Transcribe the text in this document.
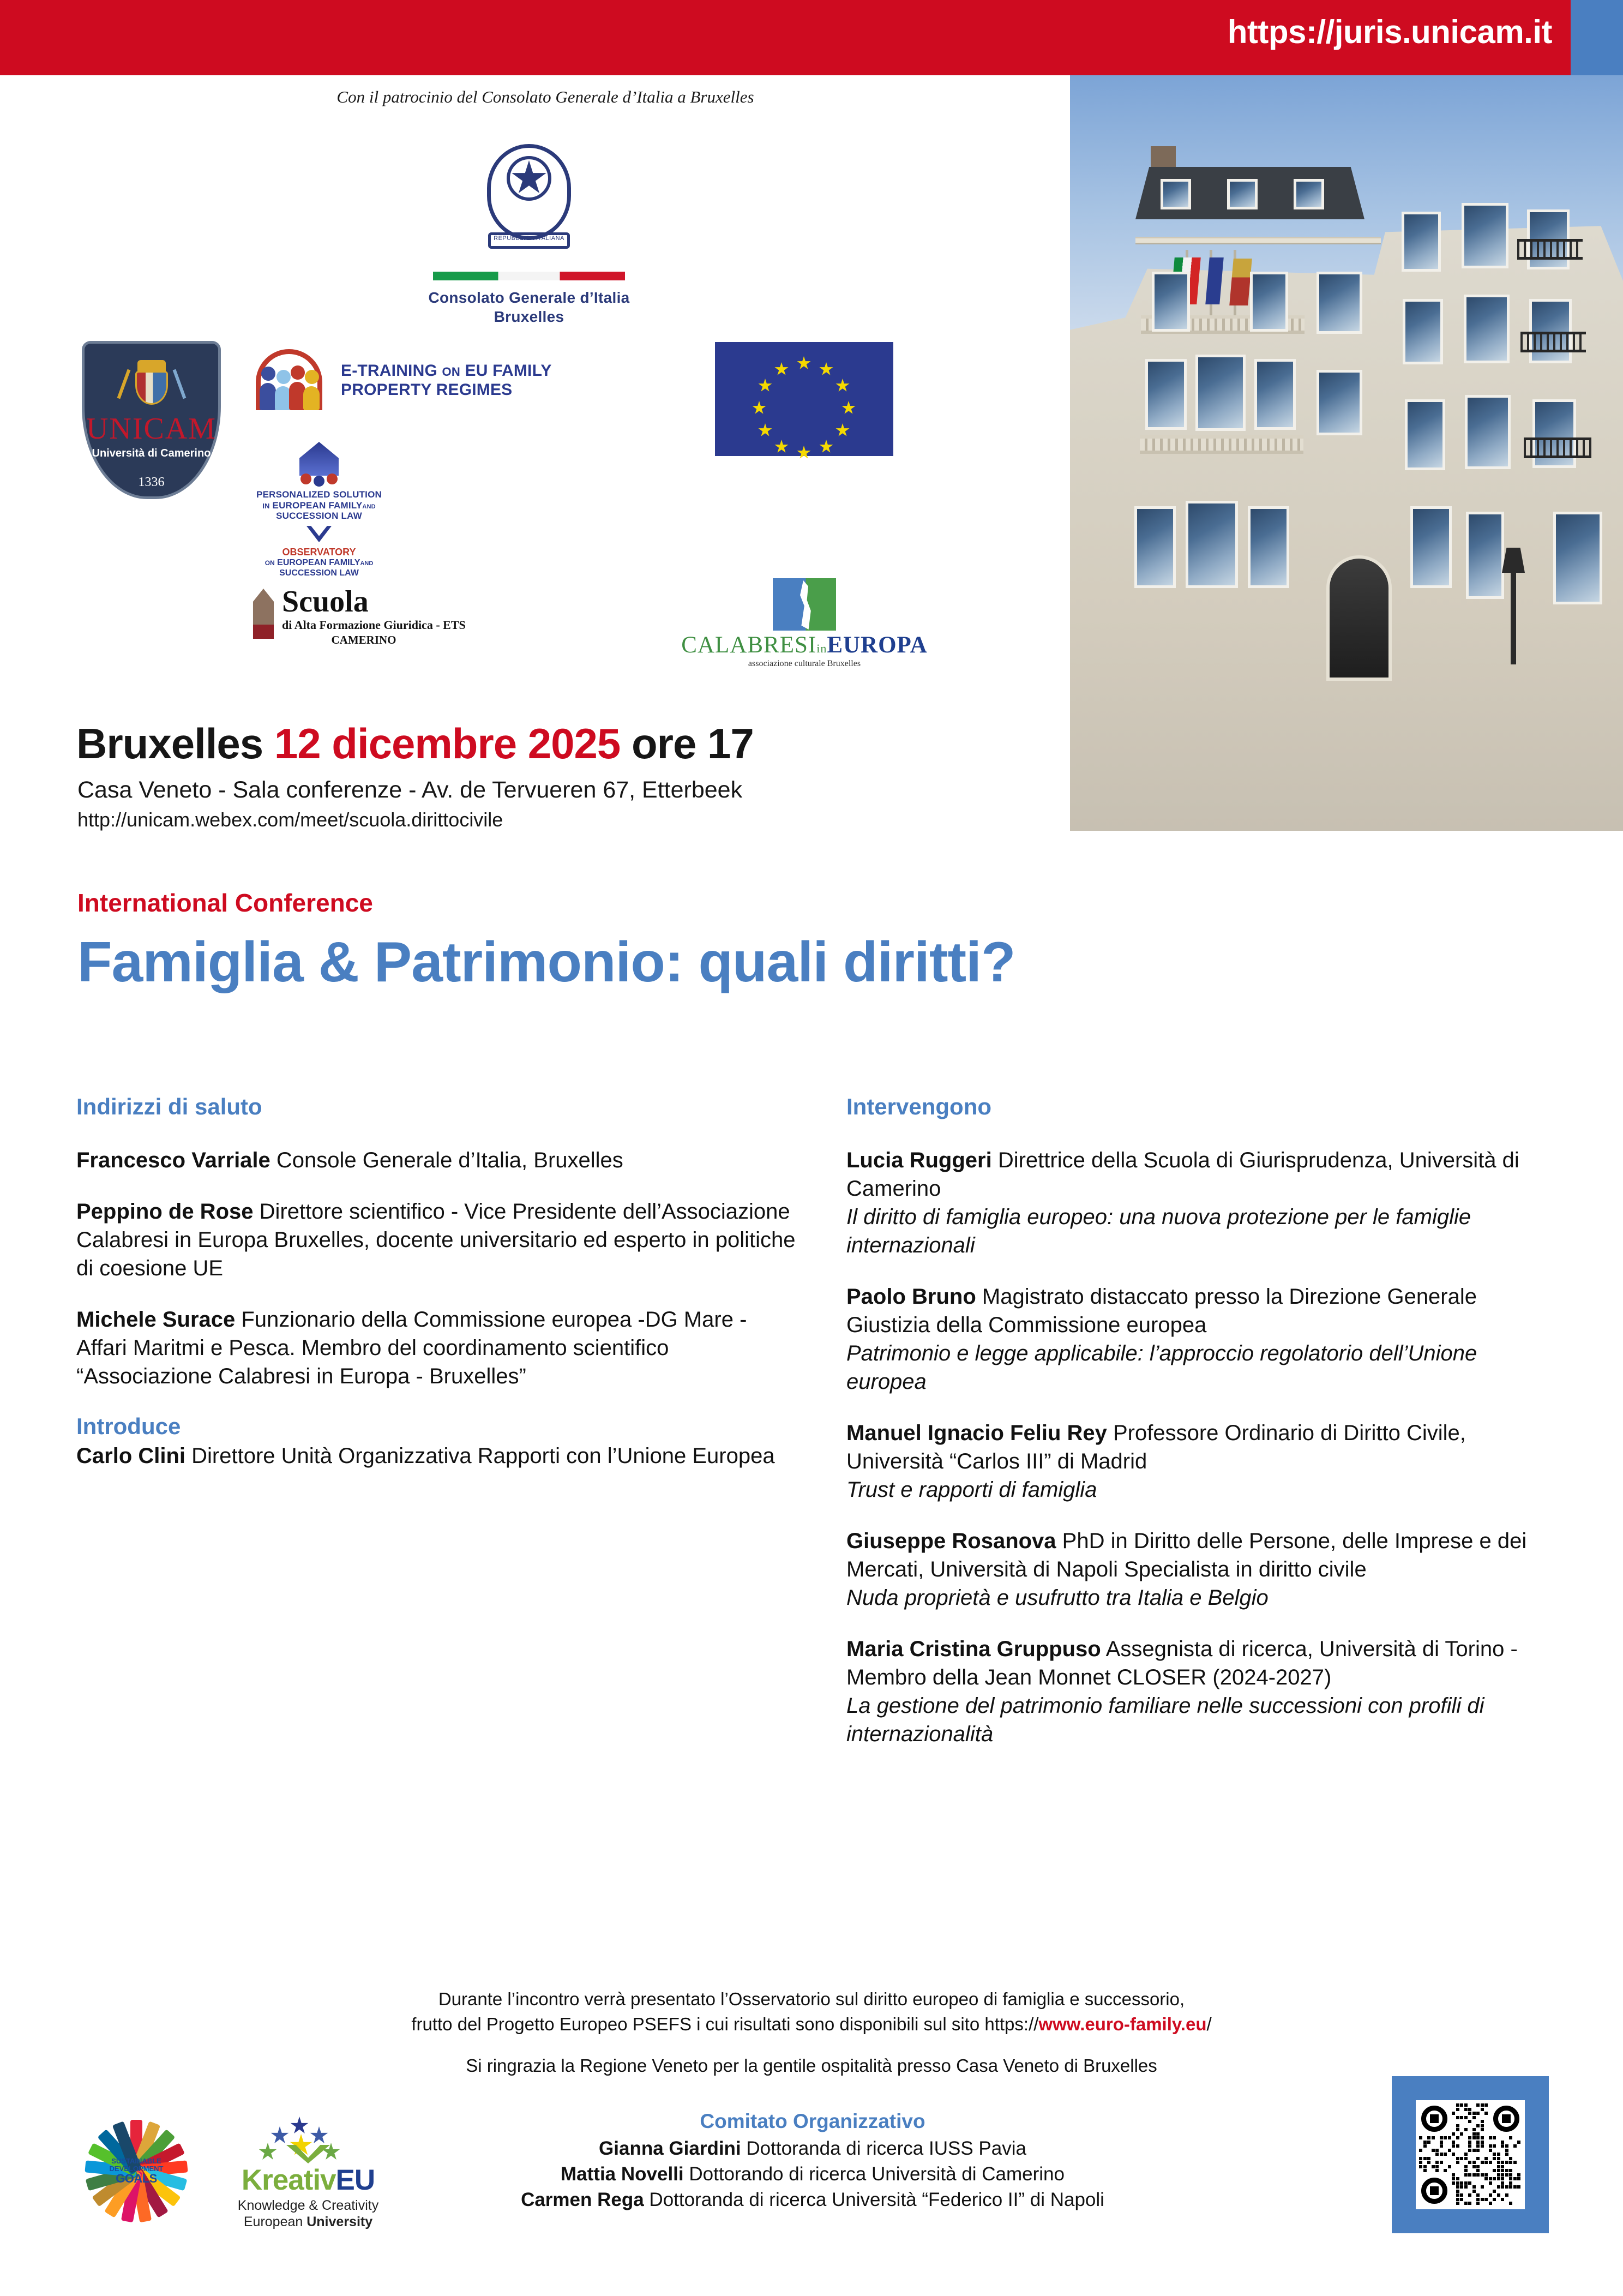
https://juris.unicam.it
Con il patrocinio del Consolato Generale d’Italia a Bruxelles
REPUBBLICA ITALIANA
Consolato Generale d’Italia
Bruxelles
UNICAM
Università di Camerino
1336
E-TRAINING ON EU FAMILY
PROPERTY REGIMES
PERSONALIZED SOLUTION
IN EUROPEAN FAMILYAND
SUCCESSION LAW
OBSERVATORY
ON EUROPEAN FAMILYAND
SUCCESSION LAW
Scuola
di Alta Formazione Giuridica - ETS
CAMERINO	CALABRESIinEUROPA
associazione culturale Bruxelles
Bruxelles 12 dicembre 2025 ore 17
Casa Veneto - Sala conferenze - Av. de Tervueren 67, Etterbeek
http://unicam.webex.com/meet/scuola.dirittocivile
International Conference
Famiglia & Patrimonio: quali diritti?
Indirizzi di saluto
Francesco Varriale Console Generale d’Italia, Bruxelles
Peppino de Rose Direttore scientifico - Vice Presidente dell’Associazione Calabresi in Europa Bruxelles, docente universitario ed esperto in politiche di coesione UE
Michele Surace Funzionario della Commissione europea -DG Mare - Affari Maritmi e Pesca. Membro del coordinamento scientifico “Associazione Calabresi in Europa - Bruxelles”
Introduce
Carlo Clini Direttore Unità Organizzativa Rapporti con l’Unione Europea
Intervengono
Lucia Ruggeri Direttrice della Scuola di Giurisprudenza, Università di Camerino
Il diritto di famiglia europeo: una nuova protezione per le famiglie internazionali
Paolo Bruno Magistrato distaccato presso la Direzione Generale Giustizia della Commissione europea
Patrimonio e legge applicabile: l’approccio regolatorio dell’Unione europea
Manuel Ignacio Feliu Rey Professore Ordinario di Diritto Civile, Università “Carlos III” di Madrid
Trust e rapporti di famiglia
Giuseppe Rosanova PhD in Diritto delle Persone, delle Imprese e dei Mercati, Università di Napoli Specialista in diritto civile
Nuda proprietà e usufrutto tra Italia e Belgio
Maria Cristina Gruppuso Assegnista di ricerca, Università di Torino - Membro della Jean Monnet CLOSER (2024-2027)
La gestione del patrimonio familiare nelle successioni con profili di internazionalità
Durante l’incontro verrà presentato l’Osservatorio sul diritto europeo di famiglia e successorio,
frutto del Progetto Europeo PSEFS i cui risultati sono disponibili sul sito https://www.euro-family.eu/
Si ringrazia la Regione Veneto per la gentile ospitalità presso Casa Veneto di Bruxelles
Comitato Organizzativo
Gianna Giardini Dottoranda di ricerca IUSS Pavia
Mattia Novelli Dottorando di ricerca Università di Camerino
Carmen Rega Dottoranda di ricerca Università “Federico II” di Napoli
SUSTAINABLE
DEVELOPMENT
GOALS	KreativEU
Knowledge & Creativity
European University
